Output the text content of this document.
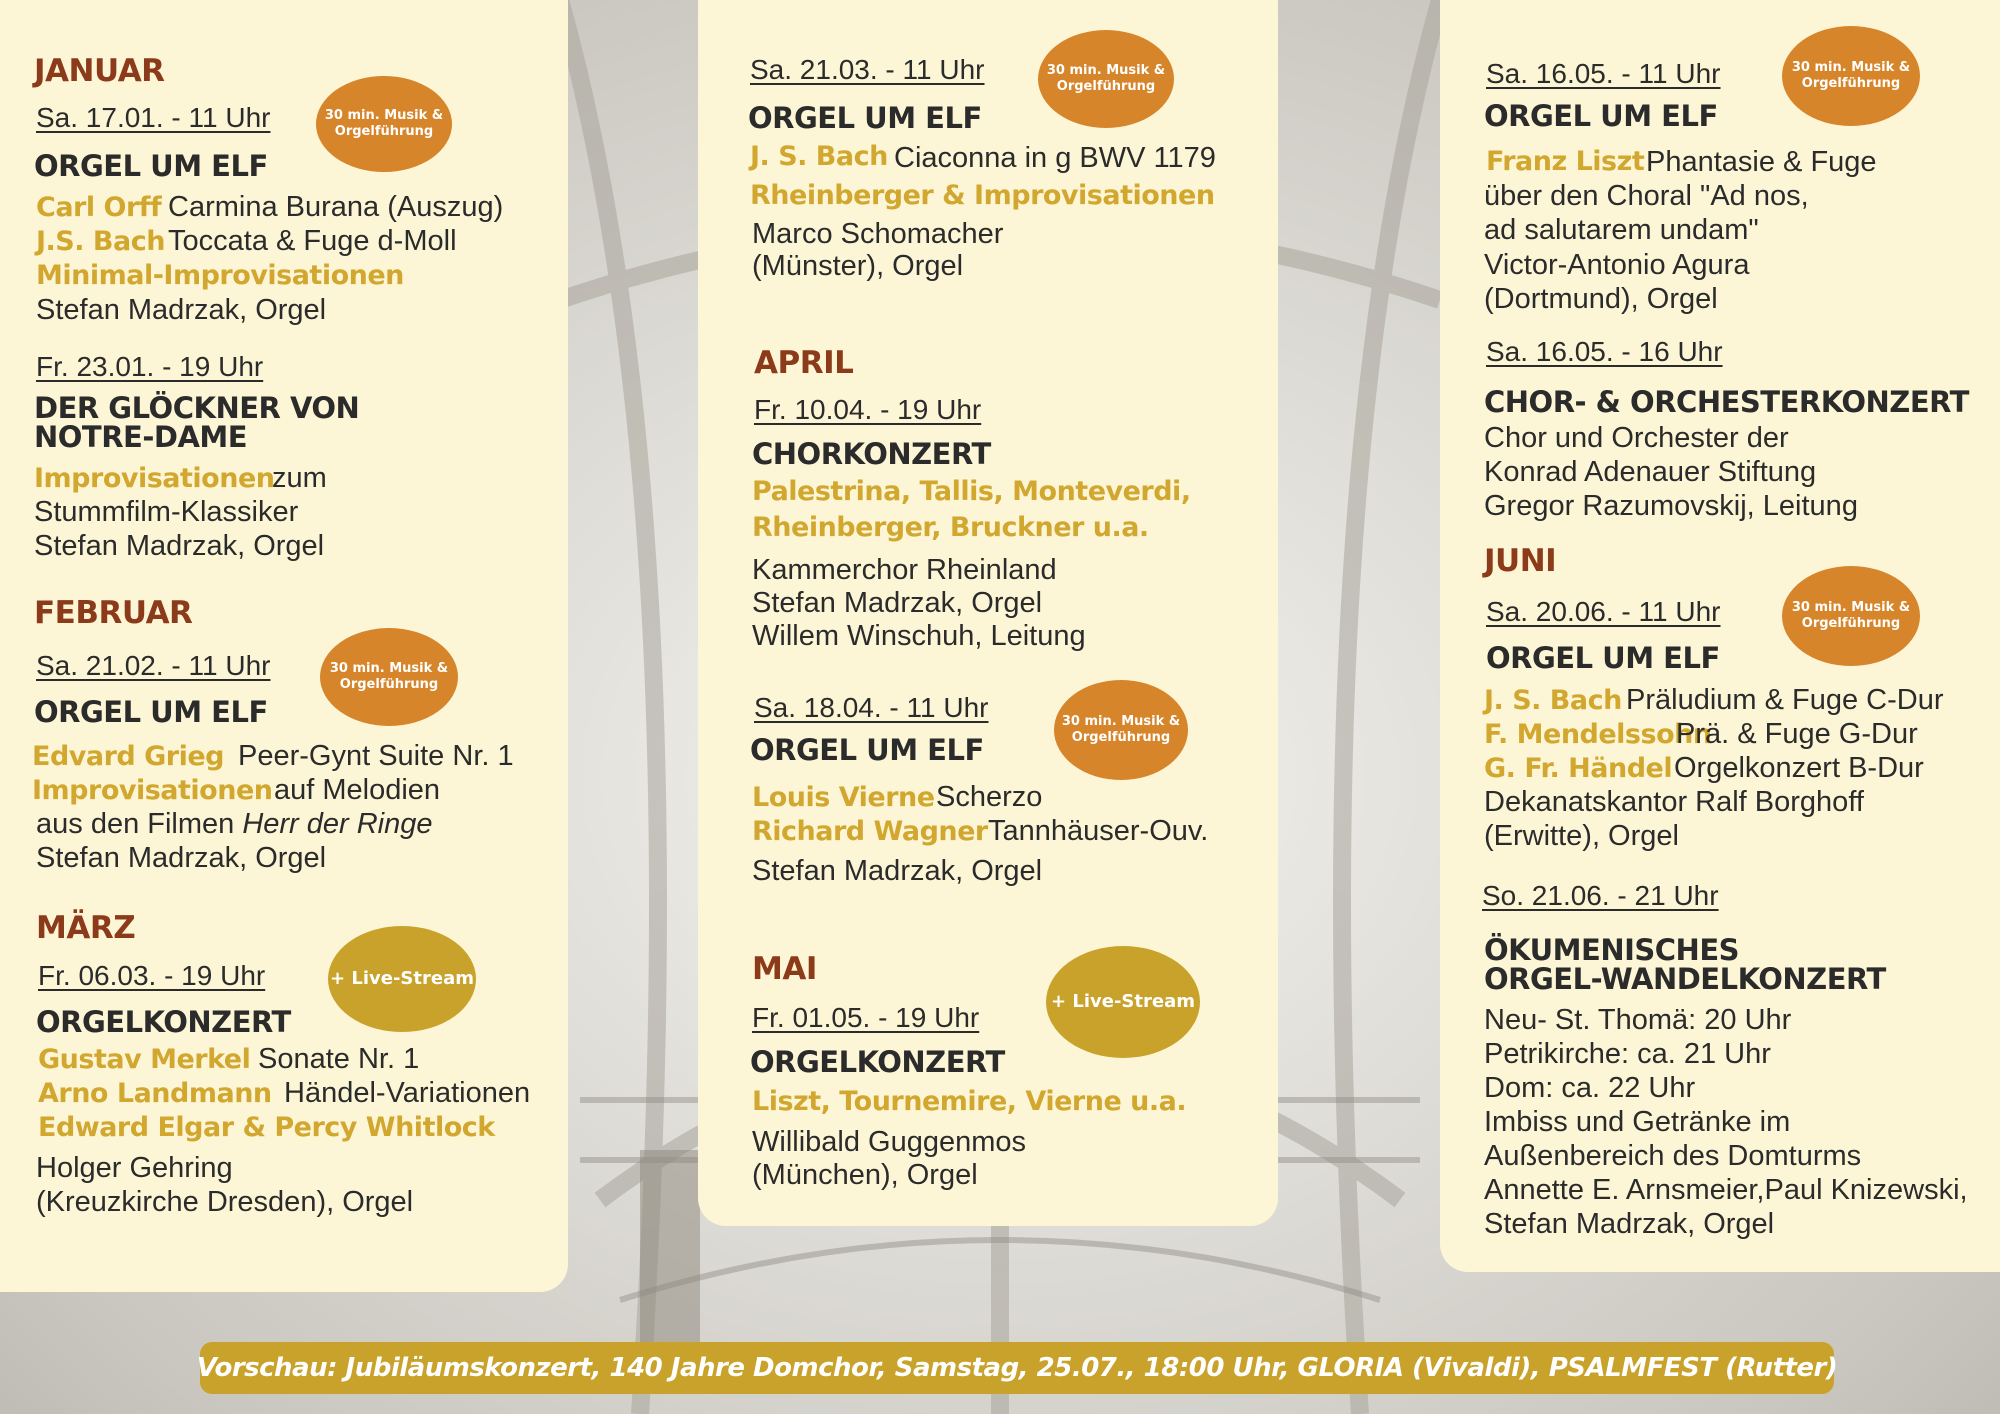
JANUAR
Sa. 17.01. - 11 Uhr	30 min. Musik & Orgelführung
ORGEL UM ELF
Carl Orff Carmina Burana (Auszug)
J.S. Bach Toccata & Fuge d-Moll
Minimal-Improvisationen
Stefan Madrzak, Orgel
Fr. 23.01. - 19 Uhr
DER GLÖCKNER VON
NOTRE-DAME
Improvisationen
zum
Stummfilm-Klassiker
Stefan Madrzak, Orgel
FEBRUAR
Sa. 21.02. - 11 Uhr	30 min. Musik & Orgelführung
ORGEL UM ELF
Edvard Grieg Peer-Gynt Suite Nr. 1
Improvisationen auf Melodien
aus den Filmen Herr der Ringe
Stefan Madrzak, Orgel
MÄRZ
Fr. 06.03. - 19 Uhr	+ Live-Stream
ORGELKONZERT
Gustav Merkel Sonate Nr. 1
Arno Landmann Händel-Variationen
Edward Elgar & Percy Whitlock
Holger Gehring
(Kreuzkirche Dresden), Orgel
Sa. 21.03. - 11 Uhr	30 min. Musik & Orgelführung
ORGEL UM ELF
J. S. Bach Ciaconna in g BWV 1179
Rheinberger & Improvisationen
Marco Schomacher
(Münster), Orgel
APRIL
Fr. 10.04. - 19 Uhr
CHORKONZERT
Palestrina, Tallis, Monteverdi,
Rheinberger, Bruckner u.a.
Kammerchor Rheinland
Stefan Madrzak, Orgel
Willem Winschuh, Leitung
Sa. 18.04. - 11 Uhr	30 min. Musik & Orgelführung
ORGEL UM ELF
Louis Vierne Scherzo
Richard Wagner Tannhäuser-Ouv.
Stefan Madrzak, Orgel
MAI
Fr. 01.05. - 19 Uhr
+ Live-Stream
ORGELKONZERT
Liszt, Tournemire, Vierne u.a.
Willibald Guggenmos
(München), Orgel
Sa. 16.05. - 11 Uhr	30 min. Musik & Orgelführung
ORGEL UM ELF
Franz Liszt Phantasie & Fuge
über den Choral "Ad nos,
ad salutarem undam"
Victor-Antonio Agura
(Dortmund), Orgel
Sa. 16.05. - 16 Uhr
CHOR- & ORCHESTERKONZERT
Chor und Orchester der
Konrad Adenauer Stiftung
Gregor Razumovskij, Leitung
JUNI
Sa. 20.06. - 11 Uhr	30 min. Musik & Orgelführung
ORGEL UM ELF
J. S. Bach Präludium & Fuge C-Dur
F. Mendelssohn
Prä. & Fuge G-Dur
G. Fr. Händel Orgelkonzert B-Dur
Dekanatskantor Ralf Borghoff
(Erwitte), Orgel
So. 21.06. - 21 Uhr
ÖKUMENISCHES
ORGEL-WANDELKONZERT
Neu- St. Thomä: 20 Uhr
Petrikirche: ca. 21 Uhr
Dom: ca. 22 Uhr
Imbiss und Getränke im
Außenbereich des Domturms
Annette E. Arnsmeier,Paul Knizewski,
Stefan Madrzak, Orgel
Vorschau: Jubiläumskonzert, 140 Jahre Domchor, Samstag, 25.07., 18:00 Uhr, GLORIA (Vivaldi), PSALMFEST (Rutter)
